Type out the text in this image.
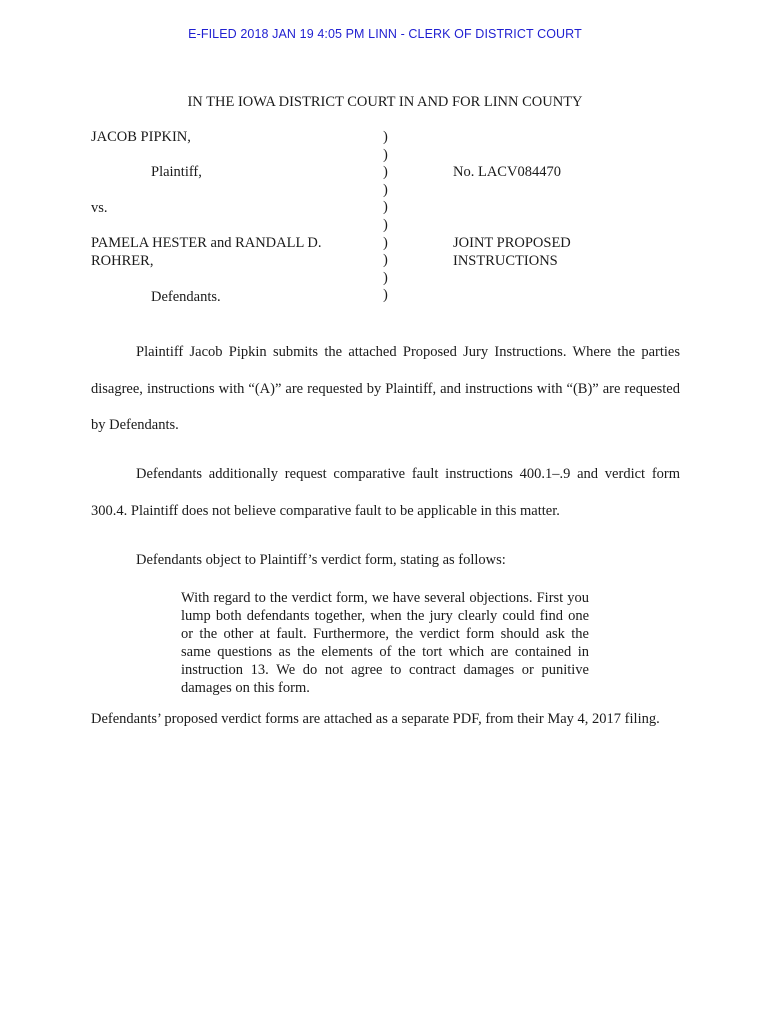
E-FILED 2018 JAN 19 4:05 PM LINN - CLERK OF DISTRICT COURT
IN THE IOWA DISTRICT COURT IN AND FOR LINN COUNTY
JACOB PIPKIN,
Plaintiff,
vs.
PAMELA HESTER and RANDALL D.
ROHRER,
Defendants.
)
)
)
)
)
)
)
)
)
)
No. LACV084470
JOINT PROPOSED
INSTRUCTIONS
Plaintiff Jacob Pipkin submits the attached Proposed Jury Instructions. Where the parties disagree, instructions with “(A)” are requested by Plaintiff, and instructions with “(B)” are requested by Defendants.
Defendants additionally request comparative fault instructions 400.1–.9 and verdict form 300.4. Plaintiff does not believe comparative fault to be applicable in this matter.
Defendants object to Plaintiff’s verdict form, stating as follows:
With regard to the verdict form, we have several objections. First you lump both defendants together, when the jury clearly could find one or the other at fault. Furthermore, the verdict form should ask the same questions as the elements of the tort which are contained in instruction 13. We do not agree to contract damages or punitive damages on this form.
Defendants’ proposed verdict forms are attached as a separate PDF, from their May 4, 2017 filing.
